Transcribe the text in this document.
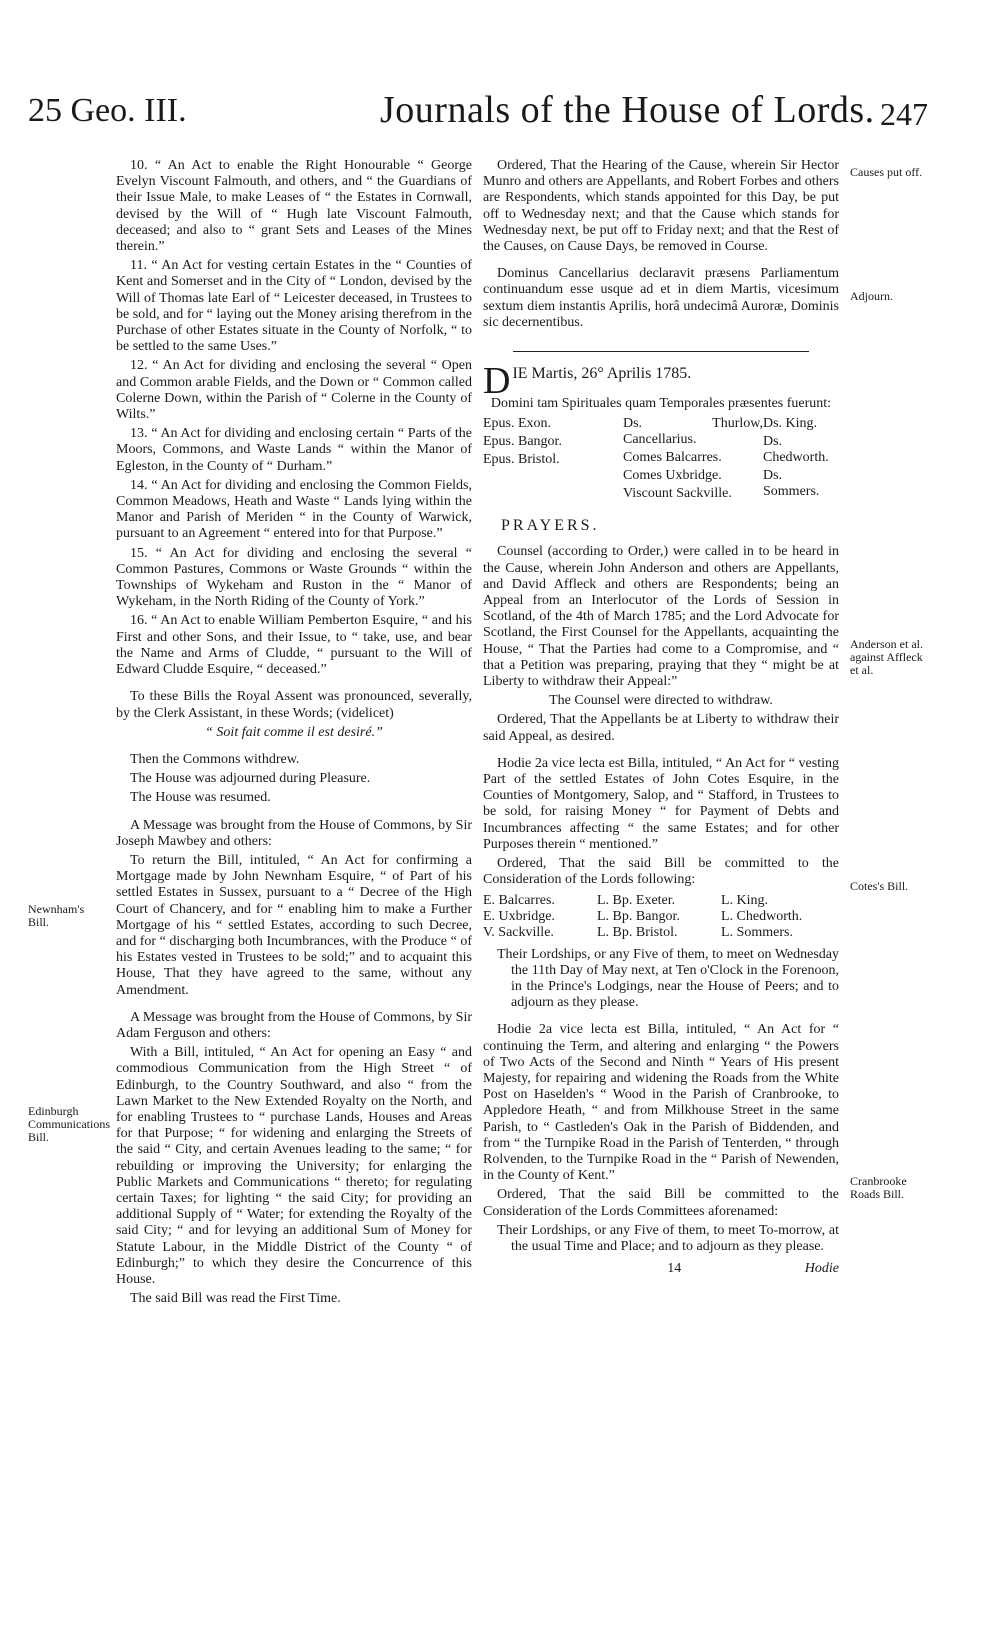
25 Geo. III.	Journals of the House of Lords. 247
Newnham's Bill.
Edinburgh Communications Bill.
Causes put off.
Adjourn.
Anderson et al. against Affleck et al.
Cotes's Bill.
Cranbrooke Roads Bill.

10. “ An Act to enable the Right Honourable “ George Evelyn Viscount Falmouth, and others, and “ the Guardians of their Issue Male, to make Leases of “ the Estates in Cornwall, devised by the Will of “ Hugh late Viscount Falmouth, deceased; and also to “ grant Sets and Leases of the Mines therein.”

11. “ An Act for vesting certain Estates in the “ Counties of Kent and Somerset and in the City of “ London, devised by the Will of Thomas late Earl of “ Leicester deceased, in Trustees to be sold, and for “ laying out the Money arising therefrom in the Purchase of other Estates situate in the County of Norfolk, “ to be settled to the same Uses.”

12. “ An Act for dividing and enclosing the several “ Open and Common arable Fields, and the Down or “ Common called Colerne Down, within the Parish of “ Colerne in the County of Wilts.”

13. “ An Act for dividing and enclosing certain “ Parts of the Moors, Commons, and Waste Lands “ within the Manor of Egleston, in the County of “ Durham.”

14. “ An Act for dividing and enclosing the Common Fields, Common Meadows, Heath and Waste “ Lands lying within the Manor and Parish of Meriden “ in the County of Warwick, pursuant to an Agreement “ entered into for that Purpose.”

15. “ An Act for dividing and enclosing the several “ Common Pastures, Commons or Waste Grounds “ within the Townships of Wykeham and Ruston in the “ Manor of Wykeham, in the North Riding of the County of York.”

16. “ An Act to enable William Pemberton Esquire, “ and his First and other Sons, and their Issue, to “ take, use, and bear the Name and Arms of Cludde, “ pursuant to the Will of Edward Cludde Esquire, “ deceased.”

To these Bills the Royal Assent was pronounced, severally, by the Clerk Assistant, in these Words; (videlicet)

“ Soit fait comme il est desiré.”

Then the Commons withdrew.

The House was adjourned during Pleasure.

The House was resumed.

A Message was brought from the House of Commons, by Sir Joseph Mawbey and others:

To return the Bill, intituled, “ An Act for confirming a Mortgage made by John Newnham Esquire, “ of Part of his settled Estates in Sussex, pursuant to a “ Decree of the High Court of Chancery, and for “ enabling him to make a Further Mortgage of his “ settled Estates, according to such Decree, and for “ discharging both Incumbrances, with the Produce “ of his Estates vested in Trustees to be sold;” and to acquaint this House, That they have agreed to the same, without any Amendment.

A Message was brought from the House of Commons, by Sir Adam Ferguson and others:

With a Bill, intituled, “ An Act for opening an Easy “ and commodious Communication from the High Street “ of Edinburgh, to the Country Southward, and also “ from the Lawn Market to the New Extended Royalty on the North, and for enabling Trustees to “ purchase Lands, Houses and Areas for that Purpose; “ for widening and enlarging the Streets of the said “ City, and certain Avenues leading to the same; “ for rebuilding or improving the University; for enlarging the Public Markets and Communications “ thereto; for regulating certain Taxes; for lighting “ the said City; for providing an additional Supply of “ Water; for extending the Royalty of the said City; “ and for levying an additional Sum of Money for Statute Labour, in the Middle District of the County “ of Edinburgh;” to which they desire the Concurrence of this House.

The said Bill was read the First Time.

Ordered, That the Hearing of the Cause, wherein Sir Hector Munro and others are Appellants, and Robert Forbes and others are Respondents, which stands appointed for this Day, be put off to Wednesday next; and that the Cause which stands for Wednesday next, be put off to Friday next; and that the Rest of the Causes, on Cause Days, be removed in Course.

Dominus Cancellarius declaravit præsens Parliamentum continuandum esse usque ad et in diem Martis, vicesimum sextum diem instantis Aprilis, horâ undecimâ Auroræ, Dominis sic decernentibus.

DIE Martis, 26° Aprilis 1785.

Domini tam Spirituales quam Temporales præsentes fuerunt:

Epus. Exon.
Epus. Bangor.
Epus. Bristol.
Ds. Thurlow, Cancellarius.
Comes Balcarres.
Comes Uxbridge.
Viscount Sackville.
Ds. King.
Ds. Chedworth.
Ds. Sommers.

PRAYERS.

Counsel (according to Order,) were called in to be heard in the Cause, wherein John Anderson and others are Appellants, and David Affleck and others are Respondents; being an Appeal from an Interlocutor of the Lords of Session in Scotland, of the 4th of March 1785; and the Lord Advocate for Scotland, the First Counsel for the Appellants, acquainting the House, “ That the Parties had come to a Compromise, and “ that a Petition was preparing, praying that they “ might be at Liberty to withdraw their Appeal:”

The Counsel were directed to withdraw.

Ordered, That the Appellants be at Liberty to withdraw their said Appeal, as desired.

Hodie 2a vice lecta est Billa, intituled, “ An Act for “ vesting Part of the settled Estates of John Cotes Esquire, in the Counties of Montgomery, Salop, and “ Stafford, in Trustees to be sold, for raising Money “ for Payment of Debts and Incumbrances affecting “ the same Estates; and for other Purposes therein “ mentioned.”

Ordered, That the said Bill be committed to the Consideration of the Lords following:

E. Balcarres.
E. Uxbridge.
V. Sackville.
L. Bp. Exeter.
L. Bp. Bangor.
L. Bp. Bristol.
L. King.
L. Chedworth.
L. Sommers.

Their Lordships, or any Five of them, to meet on Wednesday the 11th Day of May next, at Ten o'Clock in the Forenoon, in the Prince's Lodgings, near the House of Peers; and to adjourn as they please.

Hodie 2a vice lecta est Billa, intituled, “ An Act for “ continuing the Term, and altering and enlarging “ the Powers of Two Acts of the Second and Ninth “ Years of His present Majesty, for repairing and widening the Roads from the White Post on Haselden's “ Wood in the Parish of Cranbrooke, to Appledore Heath, “ and from Milkhouse Street in the same Parish, to “ Castleden's Oak in the Parish of Biddenden, and from “ the Turnpike Road in the Parish of Tenterden, “ through Rolvenden, to the Turnpike Road in the “ Parish of Newenden, in the County of Kent.”

Ordered, That the said Bill be committed to the Consideration of the Lords Committees aforenamed:

Their Lordships, or any Five of them, to meet To-morrow, at the usual Time and Place; and to adjourn as they please.

14	Hodie
